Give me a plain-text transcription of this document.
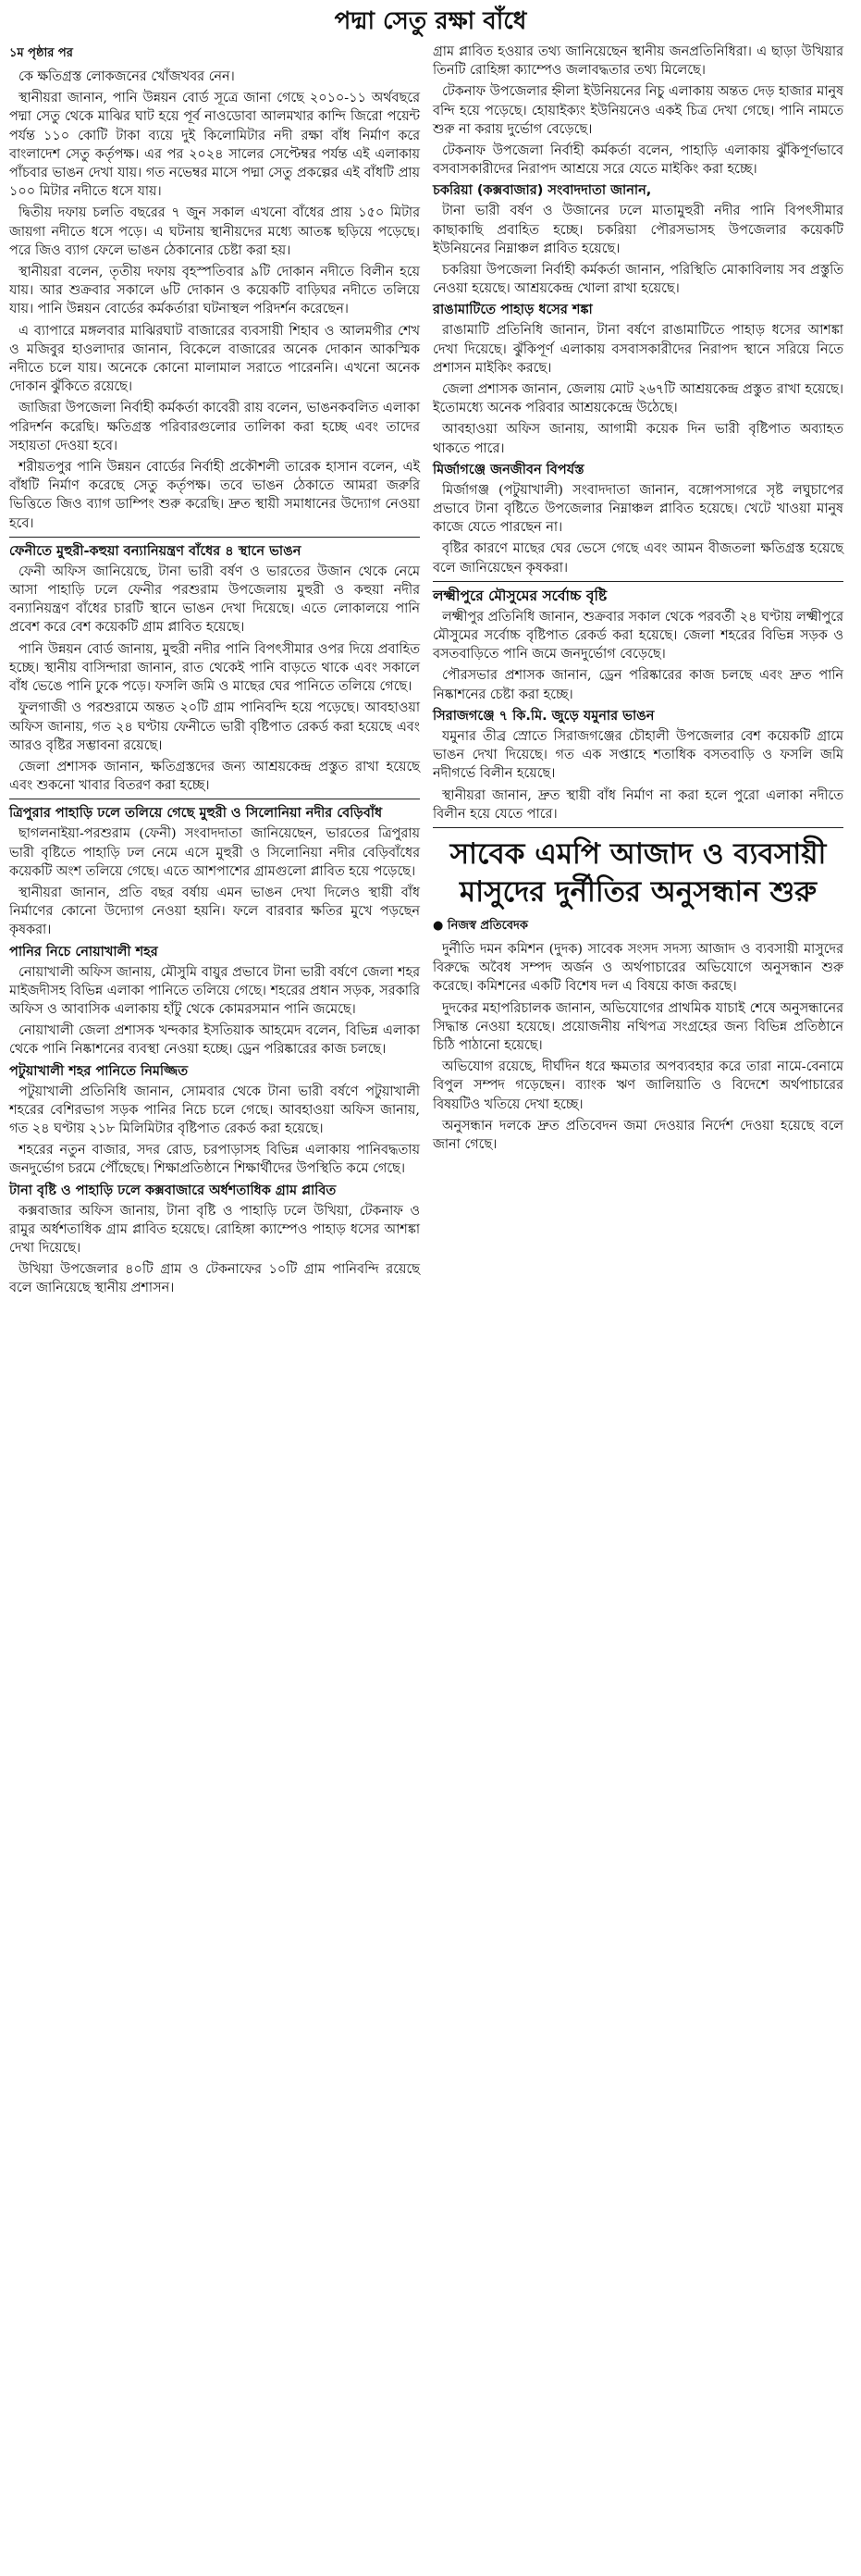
পদ্মা সেতু রক্ষা বাঁধে
১ম পৃষ্ঠার পর

কে ক্ষতিগ্রস্ত লোকজনের খোঁজখবর নেন।

স্থানীয়রা জানান, পানি উন্নয়ন বোর্ড সূত্রে জানা গেছে ২০১০-১১ অর্থবছরে পদ্মা সেতু থেকে মাঝির ঘাট হয়ে পূর্ব নাওডোবা আলমখার কান্দি জিরো পয়েন্ট পর্যন্ত ১১০ কোটি টাকা ব্যয়ে দুই কিলোমিটার নদী রক্ষা বাঁধ নির্মাণ করে বাংলাদেশ সেতু কর্তৃপক্ষ। এর পর ২০২৪ সালের সেপ্টেম্বর পর্যন্ত এই এলাকায় পাঁচবার ভাঙন দেখা যায়। গত নভেম্বর মাসে পদ্মা সেতু প্রকল্পের এই বাঁধটি প্রায় ১০০ মিটার নদীতে ধসে যায়।

দ্বিতীয় দফায় চলতি বছরের ৭ জুন সকাল এখনো বাঁধের প্রায় ১৫০ মিটার জায়গা নদীতে ধসে পড়ে। এ ঘটনায় স্থানীয়দের মধ্যে আতঙ্ক ছড়িয়ে পড়েছে। পরে জিও ব্যাগ ফেলে ভাঙন ঠেকানোর চেষ্টা করা হয়।

স্থানীয়রা বলেন, তৃতীয় দফায় বৃহস্পতিবার ৯টি দোকান নদীতে বিলীন হয়ে যায়। আর শুক্রবার সকালে ৬টি দোকান ও কয়েকটি বাড়িঘর নদীতে তলিয়ে যায়। পানি উন্নয়ন বোর্ডের কর্মকর্তারা ঘটনাস্থল পরিদর্শন করেছেন।

এ ব্যাপারে মঙ্গলবার মাঝিরঘাট বাজারের ব্যবসায়ী শিহাব ও আলমগীর শেখ ও মজিবুর হাওলাদার জানান, বিকেলে বাজারের অনেক দোকান আকস্মিক নদীতে চলে যায়। অনেকে কোনো মালামাল সরাতে পারেননি। এখনো অনেক দোকান ঝুঁকিতে রয়েছে।

জাজিরা উপজেলা নির্বাহী কর্মকর্তা কাবেরী রায় বলেন, ভাঙনকবলিত এলাকা পরিদর্শন করেছি। ক্ষতিগ্রস্ত পরিবারগুলোর তালিকা করা হচ্ছে এবং তাদের সহায়তা দেওয়া হবে।

শরীয়তপুর পানি উন্নয়ন বোর্ডের নির্বাহী প্রকৌশলী তারেক হাসান বলেন, এই বাঁধটি নির্মাণ করেছে সেতু কর্তৃপক্ষ। তবে ভাঙন ঠেকাতে আমরা জরুরি ভিত্তিতে জিও ব্যাগ ডাম্পিং শুরু করেছি। দ্রুত স্থায়ী সমাধানের উদ্যোগ নেওয়া হবে।

ফেনীতে মুহুরী-কহুয়া বন্যানিয়ন্ত্রণ বাঁধের ৪ স্থানে ভাঙন

ফেনী অফিস জানিয়েছে, টানা ভারী বর্ষণ ও ভারতের উজান থেকে নেমে আসা পাহাড়ি ঢলে ফেনীর পরশুরাম উপজেলায় মুহুরী ও কহুয়া নদীর বন্যানিয়ন্ত্রণ বাঁধের চারটি স্থানে ভাঙন দেখা দিয়েছে। এতে লোকালয়ে পানি প্রবেশ করে বেশ কয়েকটি গ্রাম প্লাবিত হয়েছে।

পানি উন্নয়ন বোর্ড জানায়, মুহুরী নদীর পানি বিপৎসীমার ওপর দিয়ে প্রবাহিত হচ্ছে। স্থানীয় বাসিন্দারা জানান, রাত থেকেই পানি বাড়তে থাকে এবং সকালে বাঁধ ভেঙে পানি ঢুকে পড়ে। ফসলি জমি ও মাছের ঘের পানিতে তলিয়ে গেছে।

ফুলগাজী ও পরশুরামে অন্তত ২০টি গ্রাম পানিবন্দি হয়ে পড়েছে। আবহাওয়া অফিস জানায়, গত ২৪ ঘণ্টায় ফেনীতে ভারী বৃষ্টিপাত রেকর্ড করা হয়েছে এবং আরও বৃষ্টির সম্ভাবনা রয়েছে।

জেলা প্রশাসক জানান, ক্ষতিগ্রস্তদের জন্য আশ্রয়কেন্দ্র প্রস্তুত রাখা হয়েছে এবং শুকনো খাবার বিতরণ করা হচ্ছে।

ত্রিপুরার পাহাড়ি ঢলে তলিয়ে গেছে মুহুরী ও সিলোনিয়া নদীর বেড়িবাঁধ

ছাগলনাইয়া-পরশুরাম (ফেনী) সংবাদদাতা জানিয়েছেন, ভারতের ত্রিপুরায় ভারী বৃষ্টিতে পাহাড়ি ঢল নেমে এসে মুহুরী ও সিলোনিয়া নদীর বেড়িবাঁধের কয়েকটি অংশ তলিয়ে গেছে। এতে আশপাশের গ্রামগুলো প্লাবিত হয়ে পড়েছে।

স্থানীয়রা জানান, প্রতি বছর বর্ষায় এমন ভাঙন দেখা দিলেও স্থায়ী বাঁধ নির্মাণের কোনো উদ্যোগ নেওয়া হয়নি। ফলে বারবার ক্ষতির মুখে পড়ছেন কৃষকরা।

পানির নিচে নোয়াখালী শহর

নোয়াখালী অফিস জানায়, মৌসুমি বায়ুর প্রভাবে টানা ভারী বর্ষণে জেলা শহর মাইজদীসহ বিভিন্ন এলাকা পানিতে তলিয়ে গেছে। শহরের প্রধান সড়ক, সরকারি অফিস ও আবাসিক এলাকায় হাঁটু থেকে কোমরসমান পানি জমেছে।

নোয়াখালী জেলা প্রশাসক খন্দকার ইসতিয়াক আহমেদ বলেন, বিভিন্ন এলাকা থেকে পানি নিষ্কাশনের ব্যবস্থা নেওয়া হচ্ছে। ড্রেন পরিষ্কারের কাজ চলছে।

পটুয়াখালী শহর পানিতে নিমজ্জিত

পটুয়াখালী প্রতিনিধি জানান, সোমবার থেকে টানা ভারী বর্ষণে পটুয়াখালী শহরের বেশিরভাগ সড়ক পানির নিচে চলে গেছে। আবহাওয়া অফিস জানায়, গত ২৪ ঘণ্টায় ২১৮ মিলিমিটার বৃষ্টিপাত রেকর্ড করা হয়েছে।

শহরের নতুন বাজার, সদর রোড, চরপাড়াসহ বিভিন্ন এলাকায় পানিবদ্ধতায় জনদুর্ভোগ চরমে পৌঁছেছে। শিক্ষাপ্রতিষ্ঠানে শিক্ষার্থীদের উপস্থিতি কমে গেছে।

টানা বৃষ্টি ও পাহাড়ি ঢলে কক্সবাজারে অর্ধশতাধিক গ্রাম প্লাবিত

কক্সবাজার অফিস জানায়, টানা বৃষ্টি ও পাহাড়ি ঢলে উখিয়া, টেকনাফ ও রামুর অর্ধশতাধিক গ্রাম প্লাবিত হয়েছে। রোহিঙ্গা ক্যাম্পেও পাহাড় ধসের আশঙ্কা দেখা দিয়েছে।

উখিয়া উপজেলার ৪০টি গ্রাম ও টেকনাফের ১০টি গ্রাম পানিবন্দি রয়েছে বলে জানিয়েছে স্থানীয় প্রশাসন।

গ্রাম প্লাবিত হওয়ার তথ্য জানিয়েছেন স্থানীয় জনপ্রতিনিধিরা। এ ছাড়া উখিয়ার তিনটি রোহিঙ্গা ক্যাম্পেও জলাবদ্ধতার তথ্য মিলেছে।

টেকনাফ উপজেলার হ্নীলা ইউনিয়নের নিচু এলাকায় অন্তত দেড় হাজার মানুষ বন্দি হয়ে পড়েছে। হোয়াইক্যং ইউনিয়নেও একই চিত্র দেখা গেছে। পানি নামতে শুরু না করায় দুর্ভোগ বেড়েছে।

টেকনাফ উপজেলা নির্বাহী কর্মকর্তা বলেন, পাহাড়ি এলাকায় ঝুঁকিপূর্ণভাবে বসবাসকারীদের নিরাপদ আশ্রয়ে সরে যেতে মাইকিং করা হচ্ছে।

চকরিয়া (কক্সবাজার) সংবাদদাতা জানান,

টানা ভারী বর্ষণ ও উজানের ঢলে মাতামুহুরী নদীর পানি বিপৎসীমার কাছাকাছি প্রবাহিত হচ্ছে। চকরিয়া পৌরসভাসহ উপজেলার কয়েকটি ইউনিয়নের নিম্নাঞ্চল প্লাবিত হয়েছে।

চকরিয়া উপজেলা নির্বাহী কর্মকর্তা জানান, পরিস্থিতি মোকাবিলায় সব প্রস্তুতি নেওয়া হয়েছে। আশ্রয়কেন্দ্র খোলা রাখা হয়েছে।

রাঙামাটিতে পাহাড় ধসের শঙ্কা

রাঙামাটি প্রতিনিধি জানান, টানা বর্ষণে রাঙামাটিতে পাহাড় ধসের আশঙ্কা দেখা দিয়েছে। ঝুঁকিপূর্ণ এলাকায় বসবাসকারীদের নিরাপদ স্থানে সরিয়ে নিতে প্রশাসন মাইকিং করছে।

জেলা প্রশাসক জানান, জেলায় মোট ২৬৭টি আশ্রয়কেন্দ্র প্রস্তুত রাখা হয়েছে। ইতোমধ্যে অনেক পরিবার আশ্রয়কেন্দ্রে উঠেছে।

আবহাওয়া অফিস জানায়, আগামী কয়েক দিন ভারী বৃষ্টিপাত অব্যাহত থাকতে পারে।

মির্জাগঞ্জে জনজীবন বিপর্যস্ত

মির্জাগঞ্জ (পটুয়াখালী) সংবাদদাতা জানান, বঙ্গোপসাগরে সৃষ্ট লঘুচাপের প্রভাবে টানা বৃষ্টিতে উপজেলার নিম্নাঞ্চল প্লাবিত হয়েছে। খেটে খাওয়া মানুষ কাজে যেতে পারছেন না।

বৃষ্টির কারণে মাছের ঘের ভেসে গেছে এবং আমন বীজতলা ক্ষতিগ্রস্ত হয়েছে বলে জানিয়েছেন কৃষকরা।

লক্ষ্মীপুরে মৌসুমের সর্বোচ্চ বৃষ্টি

লক্ষ্মীপুর প্রতিনিধি জানান, শুক্রবার সকাল থেকে পরবর্তী ২৪ ঘণ্টায় লক্ষ্মীপুরে মৌসুমের সর্বোচ্চ বৃষ্টিপাত রেকর্ড করা হয়েছে। জেলা শহরের বিভিন্ন সড়ক ও বসতবাড়িতে পানি জমে জনদুর্ভোগ বেড়েছে।

পৌরসভার প্রশাসক জানান, ড্রেন পরিষ্কারের কাজ চলছে এবং দ্রুত পানি নিষ্কাশনের চেষ্টা করা হচ্ছে।

সিরাজগঞ্জে ৭ কি.মি. জুড়ে যমুনার ভাঙন

যমুনার তীব্র স্রোতে সিরাজগঞ্জের চৌহালী উপজেলার বেশ কয়েকটি গ্রামে ভাঙন দেখা দিয়েছে। গত এক সপ্তাহে শতাধিক বসতবাড়ি ও ফসলি জমি নদীগর্ভে বিলীন হয়েছে।

স্থানীয়রা জানান, দ্রুত স্থায়ী বাঁধ নির্মাণ না করা হলে পুরো এলাকা নদীতে বিলীন হয়ে যেতে পারে।

সাবেক এমপি আজাদ ও ব্যবসায়ী মাসুদের দুর্নীতির অনুসন্ধান শুরু
● নিজস্ব প্রতিবেদক

দুর্নীতি দমন কমিশন (দুদক) সাবেক সংসদ সদস্য আজাদ ও ব্যবসায়ী মাসুদের বিরুদ্ধে অবৈধ সম্পদ অর্জন ও অর্থপাচারের অভিযোগে অনুসন্ধান শুরু করেছে। কমিশনের একটি বিশেষ দল এ বিষয়ে কাজ করছে।

দুদকের মহাপরিচালক জানান, অভিযোগের প্রাথমিক যাচাই শেষে অনুসন্ধানের সিদ্ধান্ত নেওয়া হয়েছে। প্রয়োজনীয় নথিপত্র সংগ্রহের জন্য বিভিন্ন প্রতিষ্ঠানে চিঠি পাঠানো হয়েছে।

অভিযোগ রয়েছে, দীর্ঘদিন ধরে ক্ষমতার অপব্যবহার করে তারা নামে-বেনামে বিপুল সম্পদ গড়েছেন। ব্যাংক ঋণ জালিয়াতি ও বিদেশে অর্থপাচারের বিষয়টিও খতিয়ে দেখা হচ্ছে।

অনুসন্ধান দলকে দ্রুত প্রতিবেদন জমা দেওয়ার নির্দেশ দেওয়া হয়েছে বলে জানা গেছে।
